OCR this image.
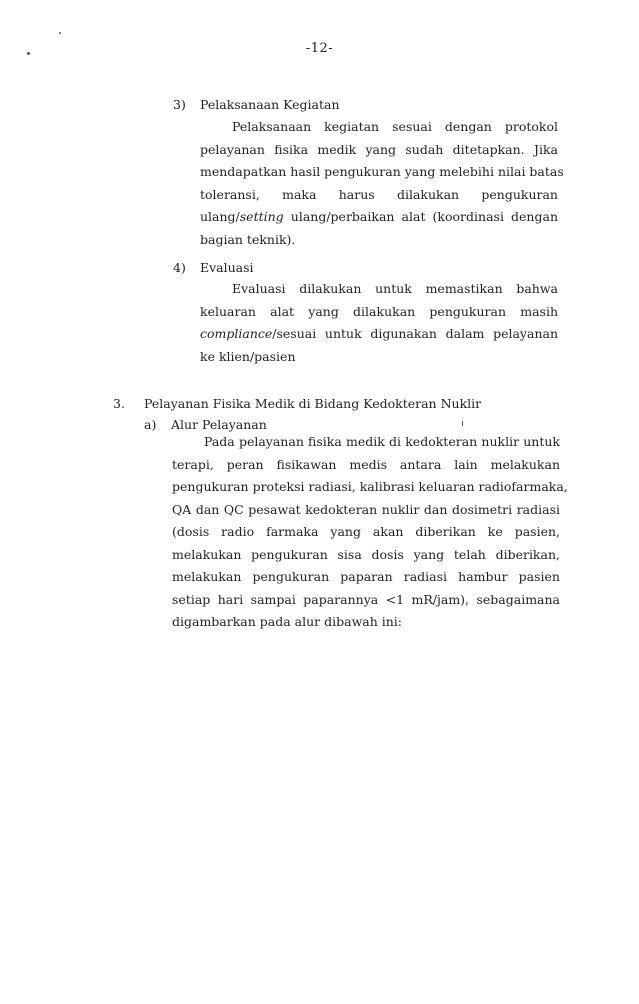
-12-
3) Pelaksanaan Kegiatan
Pelaksanaan kegiatan sesuai dengan protokol
pelayanan fisika medik yang sudah ditetapkan. Jika
mendapatkan hasil pengukuran yang melebihi nilai batas
toleransi, maka harus dilakukan pengukuran
ulang/setting ulang/perbaikan alat (koordinasi dengan
bagian teknik).
4) Evaluasi
Evaluasi dilakukan untuk memastikan bahwa
keluaran alat yang dilakukan pengukuran masih
compliance/sesuai untuk digunakan dalam pelayanan
ke klien/pasien
3. Pelayanan Fisika Medik di Bidang Kedokteran Nuklir
a) Alur Pelayanan
Pada pelayanan fisika medik di kedokteran nuklir untuk
terapi, peran fisikawan medis antara lain melakukan
pengukuran proteksi radiasi, kalibrasi keluaran radiofarmaka,
QA dan QC pesawat kedokteran nuklir dan dosimetri radiasi
(dosis radio farmaka yang akan diberikan ke pasien,
melakukan pengukuran sisa dosis yang telah diberikan,
melakukan pengukuran paparan radiasi hambur pasien
setiap hari sampai paparannya <1 mR/jam), sebagaimana
digambarkan pada alur dibawah ini:
